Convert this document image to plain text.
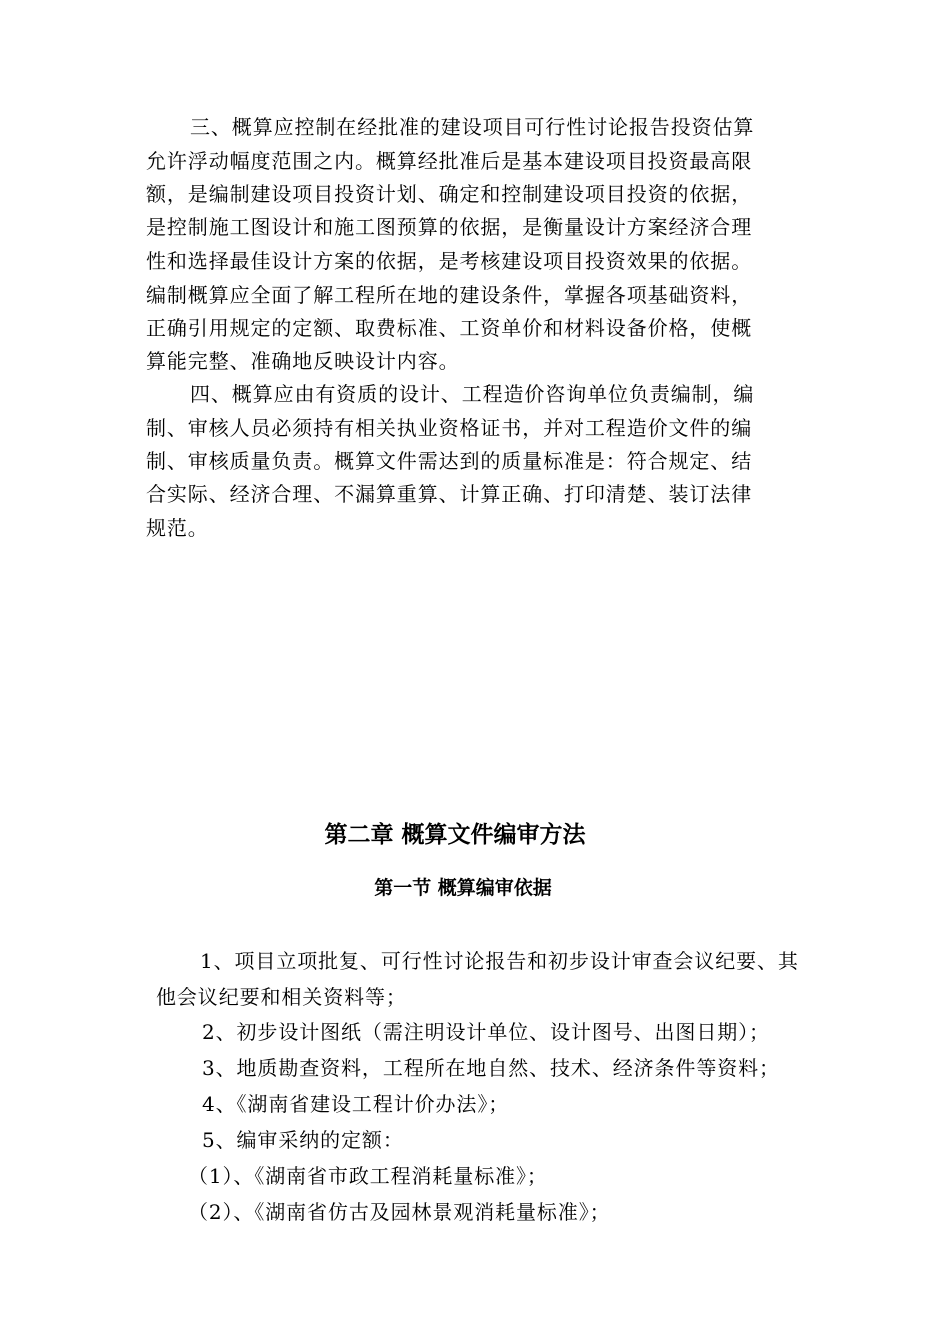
三、概算应控制在经批准的建设项目可行性讨论报告投资估算
允许浮动幅度范围之内。概算经批准后是基本建设项目投资最高限
额，是编制建设项目投资计划、确定和控制建设项目投资的依据，
是控制施工图设计和施工图预算的依据，是衡量设计方案经济合理
性和选择最佳设计方案的依据，是考核建设项目投资效果的依据。
编制概算应全面了解工程所在地的建设条件，掌握各项基础资料，
正确引用规定的定额、取费标准、工资单价和材料设备价格，使概
算能完整、准确地反映设计内容。
四、概算应由有资质的设计、工程造价咨询单位负责编制，编
制、审核人员必须持有相关执业资格证书，并对工程造价文件的编
制、审核质量负责。概算文件需达到的质量标准是：符合规定、结
合实际、经济合理、不漏算重算、计算正确、打印清楚、装订法律
规范。
第二章 概算文件编审方法
第一节 概算编审依据
1、项目立项批复、可行性讨论报告和初步设计审查会议纪要、其
他会议纪要和相关资料等；
2、初步设计图纸（需注明设计单位、设计图号、出图日期）；
3、地质勘查资料，工程所在地自然、技术、经济条件等资料；
4、《湖南省建设工程计价办法》；
5、编审采纳的定额：
（1）、《湖南省市政工程消耗量标准》；
（2）、《湖南省仿古及园林景观消耗量标准》；
